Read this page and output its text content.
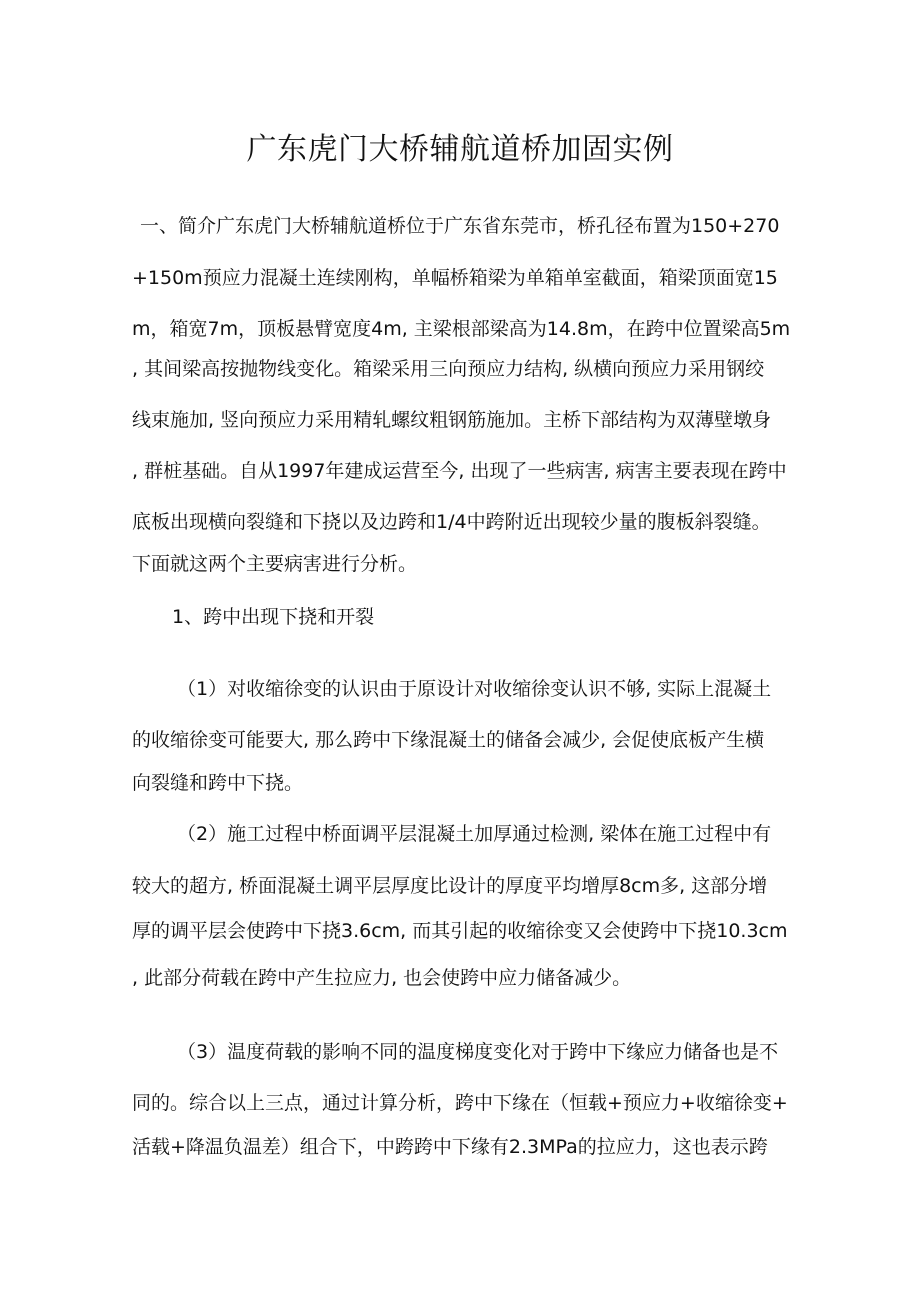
广东虎门大桥辅航道桥加固实例

一、简介广东虎门大桥辅航道桥位于广东省东莞市，桥孔径布置为150+270

+150m预应力混凝土连续刚构，单幅桥箱梁为单箱单室截面，箱梁顶面宽15

m，箱宽7m，顶板悬臂宽度4m, 主梁根部梁高为14.8m，在跨中位置梁高5m

, 其间梁高按抛物线变化。箱梁采用三向预应力结构, 纵横向预应力采用钢绞

线束施加, 竖向预应力采用精轧螺纹粗钢筋施加。主桥下部结构为双薄壁墩身

, 群桩基础。自从1997年建成运营至今, 出现了一些病害, 病害主要表现在跨中

底板出现横向裂缝和下挠以及边跨和1/4中跨附近出现较少量的腹板斜裂缝。

下面就这两个主要病害进行分析。

1、跨中出现下挠和开裂

（1）对收缩徐变的认识由于原设计对收缩徐变认识不够, 实际上混凝土

的收缩徐变可能要大, 那么跨中下缘混凝土的储备会减少, 会促使底板产生横

向裂缝和跨中下挠。

（2）施工过程中桥面调平层混凝土加厚通过检测, 梁体在施工过程中有

较大的超方, 桥面混凝土调平层厚度比设计的厚度平均增厚8cm多, 这部分增

厚的调平层会使跨中下挠3.6cm, 而其引起的收缩徐变又会使跨中下挠10.3cm

, 此部分荷载在跨中产生拉应力, 也会使跨中应力储备减少。

（3）温度荷载的影响不同的温度梯度变化对于跨中下缘应力储备也是不

同的。综合以上三点，通过计算分析，跨中下缘在（恒载+预应力+收缩徐变+

活载+降温负温差）组合下，中跨跨中下缘有2.3MPa的拉应力，这也表示跨
